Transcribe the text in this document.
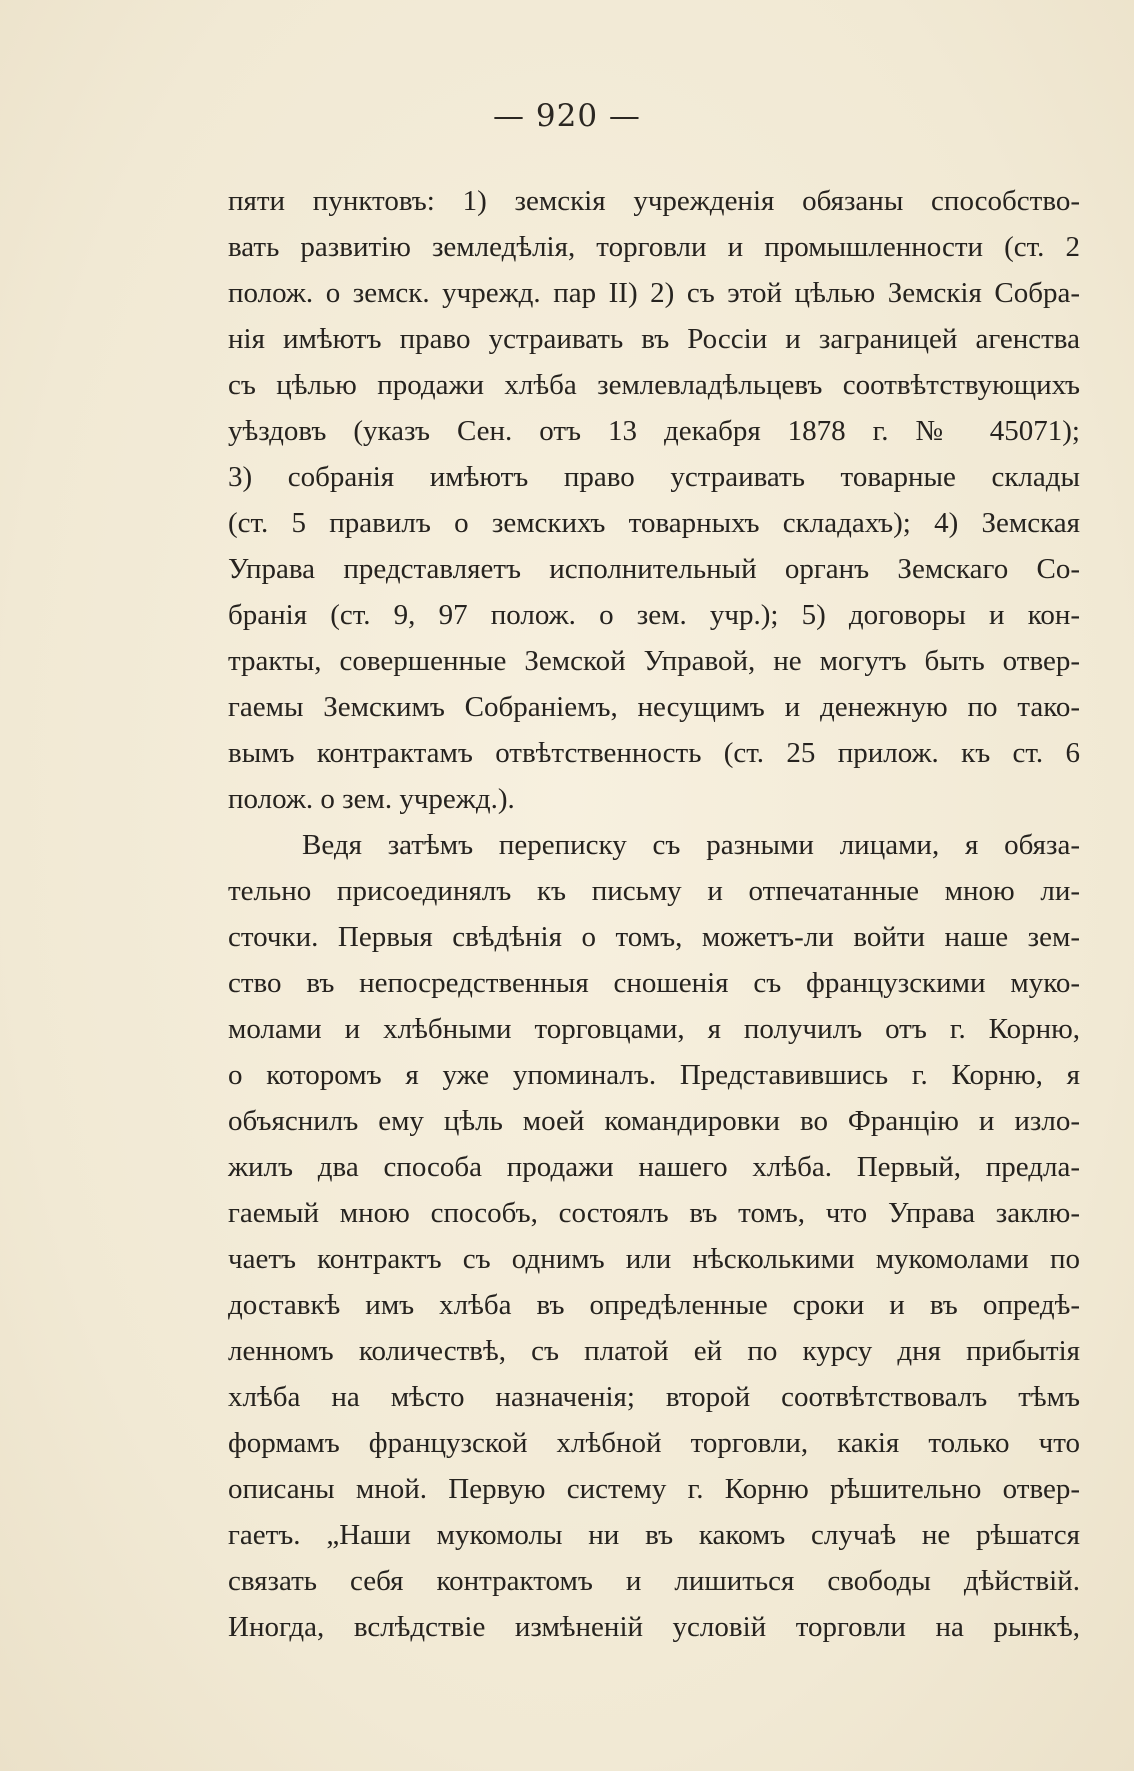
— 920 —
пяти пунктовъ: 1) земскія учрежденія обязаны способство-
вать развитію земледѣлія, торговли и промышленности (ст. 2
полож. о земск. учрежд. пар II) 2) съ этой цѣлью Земскія Собра-
нія имѣютъ право устраивать въ Россіи и заграницей агенства
съ цѣлью продажи хлѣба землевладѣльцевъ соотвѣтствующихъ
уѣздовъ (указъ Сен. отъ 13 декабря 1878 г. № 45071);
3) собранія имѣютъ право устраивать товарные склады
(ст. 5 правилъ о земскихъ товарныхъ складахъ); 4) Земская
Управа представляетъ исполнительный органъ Земскаго Со-
бранія (ст. 9, 97 полож. о зем. учр.); 5) договоры и кон-
тракты, совершенные Земской Управой, не могутъ быть отвер-
гаемы Земскимъ Собраніемъ, несущимъ и денежную по тако-
вымъ контрактамъ отвѣтственность (ст. 25 прилож. къ ст. 6
полож. о зем. учрежд.).
Ведя затѣмъ переписку съ разными лицами, я обяза-
тельно присоединялъ къ письму и отпечатанные мною ли-
сточки. Первыя свѣдѣнія о томъ, можетъ-ли войти наше зем-
ство въ непосредственныя сношенія съ французскими муко-
молами и хлѣбными торговцами, я получилъ отъ г. Корню,
о которомъ я уже упоминалъ. Представившись г. Корню, я
объяснилъ ему цѣль моей командировки во Францію и изло-
жилъ два способа продажи нашего хлѣба. Первый, предла-
гаемый мною способъ, состоялъ въ томъ, что Управа заклю-
чаетъ контрактъ съ однимъ или нѣсколькими мукомолами по
доставкѣ имъ хлѣба въ опредѣленные сроки и въ опредѣ-
ленномъ количествѣ, съ платой ей по курсу дня прибытія
хлѣба на мѣсто назначенія; второй соотвѣтствовалъ тѣмъ
формамъ французской хлѣбной торговли, какія только что
описаны мной. Первую систему г. Корню рѣшительно отвер-
гаетъ. „Наши мукомолы ни въ какомъ случаѣ не рѣшатся
связать себя контрактомъ и лишиться свободы дѣйствій.
Иногда, вслѣдствіе измѣненій условій торговли на рынкѣ,
